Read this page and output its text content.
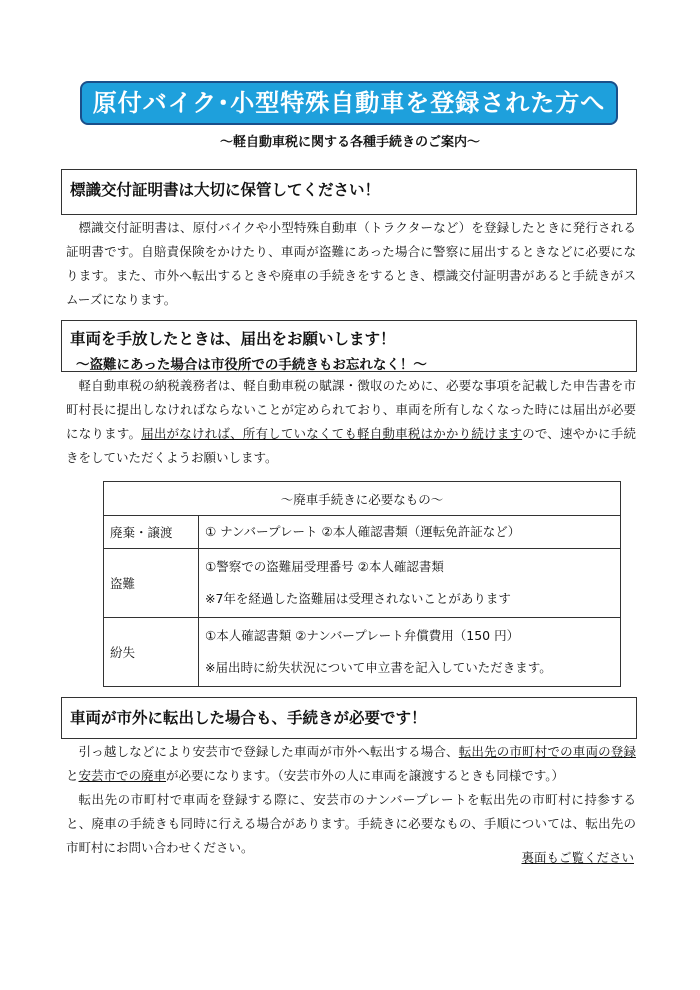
原付バイク･小型特殊自動車を登録された方へ
～軽自動車税に関する各種手続きのご案内～
標識交付証明書は大切に保管してください！

標識交付証明書は、原付バイクや小型特殊自動車（トラクターなど）を登録したときに発行される証明書です。自賠責保険をかけたり、車両が盗難にあった場合に警察に届出するときなどに必要になります。また、市外へ転出するときや廃車の手続きをするとき、標識交付証明書があると手続きがスムーズになります。

車両を手放したときは、届出をお願いします！
～盗難にあった場合は市役所での手続きもお忘れなく！～

軽自動車税の納税義務者は、軽自動車税の賦課・徴収のために、必要な事項を記載した申告書を市町村長に提出しなければならないことが定められており、車両を所有しなくなった時には届出が必要になります。届出がなければ、所有していなくても軽自動車税はかかり続けますので、速やかに手続きをしていただくようお願いします。

～廃車手続きに必要なもの～	
廃棄・譲渡	① ナンバープレート ②本人確認書類（運転免許証など）

盗難	①警察での盗難届受理番号 ②本人確認書類
※7年を経過した盗難届は受理されないことがあります

紛失	①本人確認書類 ②ナンバープレート弁償費用（150 円）
※届出時に紛失状況について申立書を記入していただきます。
車両が市外に転出した場合も、手続きが必要です！

引っ越しなどにより安芸市で登録した車両が市外へ転出する場合、転出先の市町村での車両の登録と安芸市での廃車が必要になります。（安芸市外の人に車両を譲渡するときも同様です。）

転出先の市町村で車両を登録する際に、安芸市のナンバープレートを転出先の市町村に持参すると、廃車の手続きも同時に行える場合があります。手続きに必要なもの、手順については、転出先の市町村にお問い合わせください。

裏面もご覧ください
